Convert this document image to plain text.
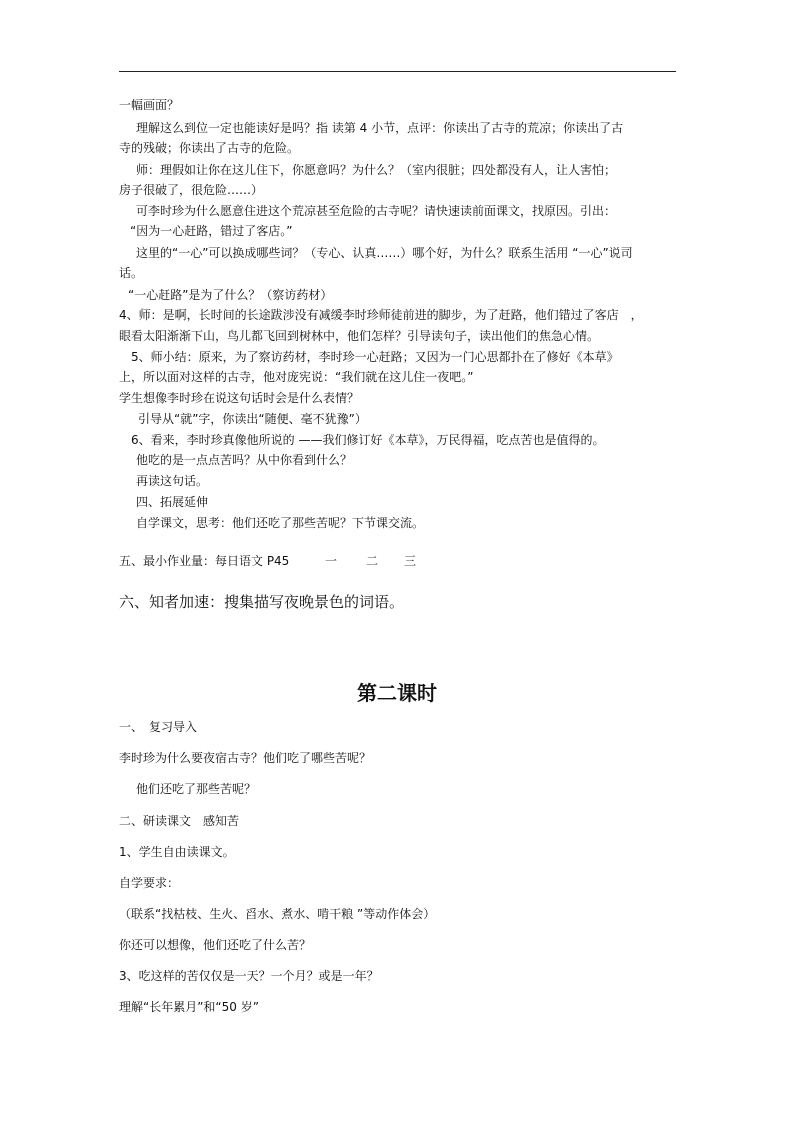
一幅画面？
理解这么到位一定也能读好是吗？指 读第 4 小节，点评：你读出了古寺的荒凉；你读出了古
寺的残破；你读出了古寺的危险。
师：理假如让你在这儿住下，你愿意吗？为什么？（室内很脏；四处都没有人，让人害怕；
房子很破了，很危险……）
可李时珍为什么愿意住进这个荒凉甚至危险的古寺呢？请快速读前面课文，找原因。引出：
“因为一心赶路，错过了客店。”
这里的“一心”可以换成哪些词？（专心、认真……）哪个好，为什么？联系生活用 “一心”说司
话。
“一心赶路”是为了什么？（察访药材）
4、师：是啊，长时间的长途跋涉没有减缓李时珍师徒前进的脚步，为了赶路，他们错过了客店　，
眼看太阳渐渐下山，鸟儿都飞回到树林中，他们怎样？引导读句子，读出他们的焦急心情。
5、师小结：原来，为了察访药材，李时珍一心赶路；又因为一门心思都扑在了修好《本草》
上，所以面对这样的古寺，他对庞宪说：“我们就在这儿住一夜吧。”
学生想像李时珍在说这句话时会是什么表情？
引导从“就”字，你读出“随便、毫不犹豫”）
6、看来，李时珍真像他所说的 ——我们修订好《本草》，万民得福，吃点苦也是值得的。
他吃的是一点点苦吗？从中你看到什么？
再读这句话。
四、拓展延伸
自学课文，思考：他们还吃了那些苦呢？下节课交流。
五、最小作业量：每日语文 P45	一 二 三
六、知者加速：搜集描写夜晚景色的词语。
第二课时
一、　复习导入
李时珍为什么要夜宿古寺？他们吃了哪些苦呢？
他们还吃了那些苦呢？
二、研读课文　感知苦
1、学生自由读课文。
自学要求：
（联系“找枯枝、生火、舀水、煮水、啃干粮 ”等动作体会）
你还可以想像，他们还吃了什么苦？
3、吃这样的苦仅仅是一天？一个月？或是一年？
理解“长年累月”和“50 岁”
